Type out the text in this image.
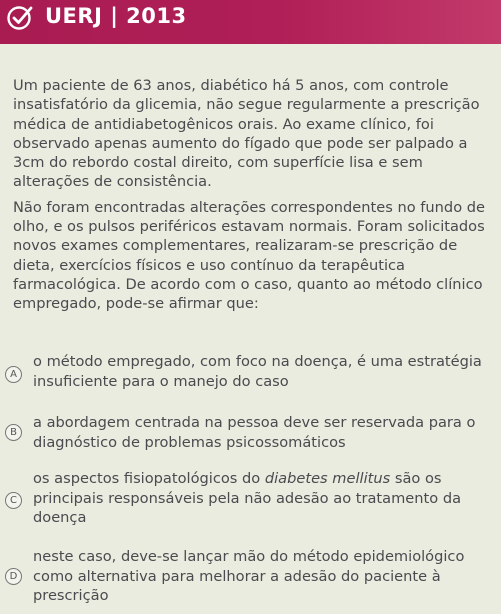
UERJ | 2013

Um paciente de 63 anos, diabético há 5 anos, com controle insatisfatório da glicemia, não segue regularmente a prescrição médica de antidiabetogênicos orais. Ao exame clínico, foi observado apenas aumento do fígado que pode ser palpado a 3cm do rebordo costal direito, com superfície lisa e sem alterações de consistência.

Não foram encontradas alterações correspondentes no fundo de olho, e os pulsos periféricos estavam normais. Foram solicitados novos exames complementares, realizaram-se prescrição de dieta, exercícios físicos e uso contínuo da terapêutica farmacológica. De acordo com o caso, quanto ao método clínico empregado, pode-se afirmar que:

A
o método empregado, com foco na doença, é uma estratégia insuficiente para o manejo do caso
B
a abordagem centrada na pessoa deve ser reservada para o diagnóstico de problemas psicossomáticos
C
os aspectos fisiopatológicos do diabetes mellitus são os principais responsáveis pela não adesão ao tratamento da doença
D
neste caso, deve-se lançar mão do método epidemiológico como alternativa para melhorar a adesão do paciente à prescrição
